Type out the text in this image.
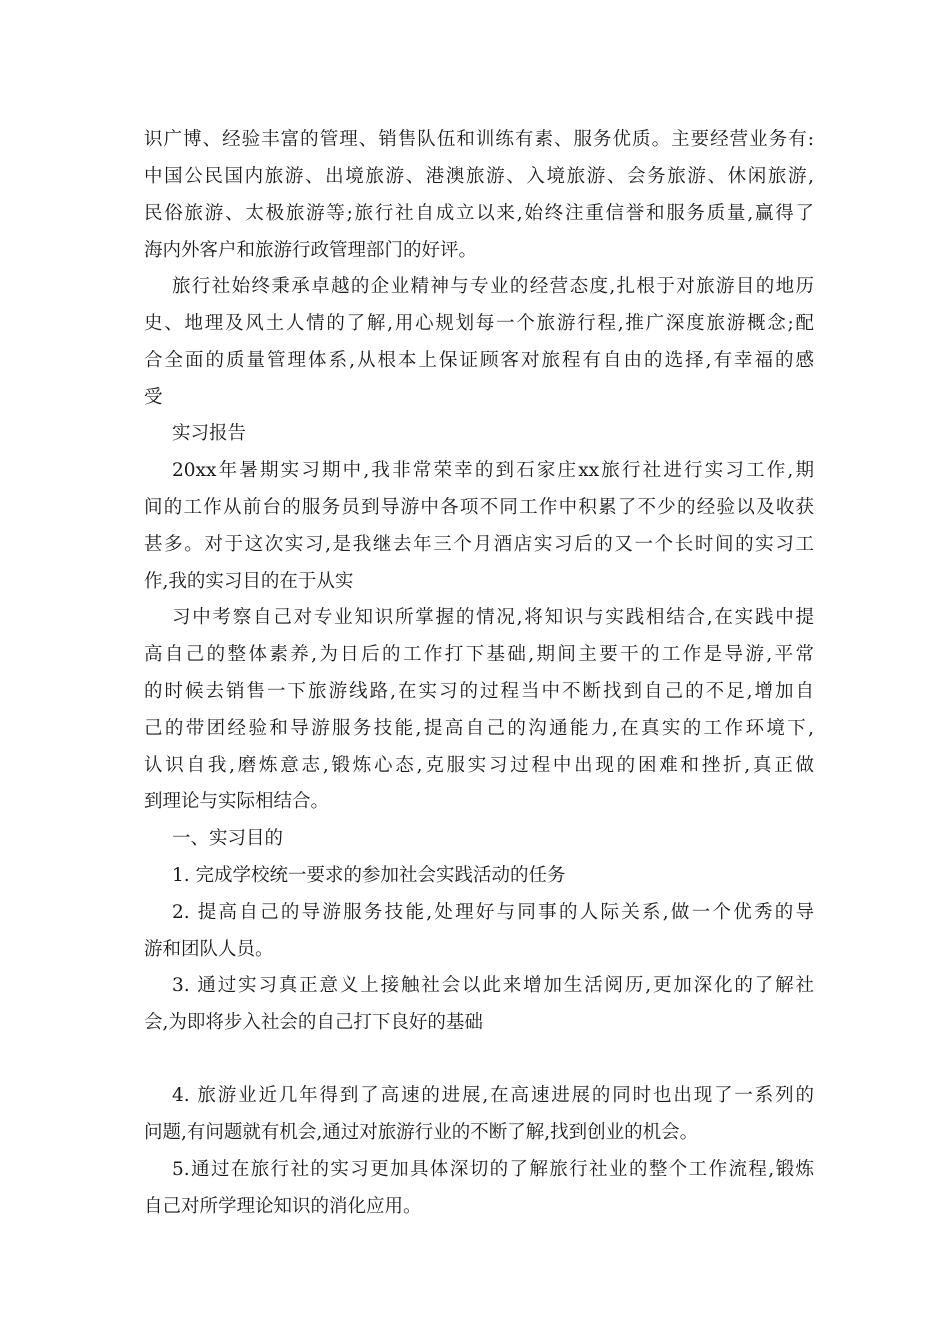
识广博、经验丰富的管理、销售队伍和训练有素、服务优质。主要经营业务有:
中国公民国内旅游、出境旅游、港澳旅游、入境旅游、会务旅游、休闲旅游,
民俗旅游、太极旅游等;旅行社自成立以来,始终注重信誉和服务质量,赢得了
海内外客户和旅游行政管理部门的好评。
旅行社始终秉承卓越的企业精神与专业的经营态度,扎根于对旅游目的地历
史、地理及风土人情的了解,用心规划每一个旅游行程,推广深度旅游概念;配
合全面的质量管理体系,从根本上保证顾客对旅程有自由的选择,有幸福的感
受
实习报告
20xx年暑期实习期中,我非常荣幸的到石家庄xx旅行社进行实习工作,期
间的工作从前台的服务员到导游中各项不同工作中积累了不少的经验以及收获
甚多。对于这次实习,是我继去年三个月酒店实习后的又一个长时间的实习工
作,我的实习目的在于从实
习中考察自己对专业知识所掌握的情况,将知识与实践相结合,在实践中提
高自己的整体素养,为日后的工作打下基础,期间主要干的工作是导游,平常
的时候去销售一下旅游线路,在实习的过程当中不断找到自己的不足,增加自
己的带团经验和导游服务技能,提高自己的沟通能力,在真实的工作环境下,
认识自我,磨炼意志,锻炼心态,克服实习过程中出现的困难和挫折,真正做
到理论与实际相结合。
一、实习目的
1. 完成学校统一要求的参加社会实践活动的任务
2. 提高自己的导游服务技能,处理好与同事的人际关系,做一个优秀的导
游和团队人员。
3. 通过实习真正意义上接触社会以此来增加生活阅历,更加深化的了解社
会,为即将步入社会的自己打下良好的基础
4. 旅游业近几年得到了高速的进展,在高速进展的同时也出现了一系列的
问题,有问题就有机会,通过对旅游行业的不断了解,找到创业的机会。
5.通过在旅行社的实习更加具体深切的了解旅行社业的整个工作流程,锻炼
自己对所学理论知识的消化应用。
